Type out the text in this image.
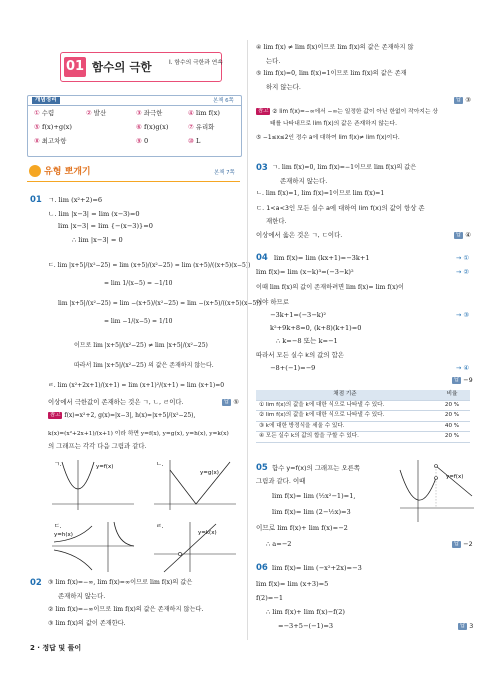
01 함수의 극한	Ⅰ. 함수의 극한과 연속
개념정리	본책 6쪽
① 수렴	② 발산	③ 좌극한	④ lim f(x)
⑤ f(x)+g(x)	⑥ f(x)g(x)	⑦ 유리화
⑧ 최고차항	⑨ 0	⑩ L
유형 뽀개기	본책 7쪽
01 ㄱ. lim (x²+2)=6
ㄴ. lim |x−3| = lim (x−3)=0
lim |x−3| = lim {−(x−3)}=0
∴ lim |x−3| = 0
ㄷ. lim |x+5|/(x²−25) = lim (x+5)/(x²−25) = lim (x+5)/((x+5)(x−5))
= lim 1/(x−5) = −1/10
lim |x+5|/(x²−25) = lim −(x+5)/(x²−25) = lim −(x+5)/((x+5)(x−5))
= lim −1/(x−5) = 1/10
이므로 lim |x+5|/(x²−25) ≠ lim |x+5|/(x²−25)
따라서 lim |x+5|/(x²−25) 의 값은 존재하지 않는다.
ㄹ. lim (x²+2x+1)/(x+1) = lim (x+1)²/(x+1) = lim (x+1)=0
이상에서 극한값이 존재하는 것은 ㄱ, ㄴ, ㄹ이다.	답 ⑤
참고 f(x)=x²+2, g(x)=|x−3|, h(x)=|x+5|/(x²−25),
k(x)=(x²+2x+1)/(x+1) 이라 하면 y=f(x), y=g(x), y=h(x), y=k(x)
의 그래프는 각각 다음 그림과 같다.
ㄱ.	y=f(x)	ㄴ.
y=g(x)
ㄷ.
y=h(x)
ㄹ.
y=k(x)
02 ③ lim f(x)=−∞, lim f(x)=∞이므로 lim f(x)의 값은
존재하지 않는다.
② lim f(x)=−∞이므로 lim f(x)의 값은 존재하지 않는다.
③ lim f(x)의 값이 존재한다.
2 · 정답 및 풀이
④ lim f(x) ≠ lim f(x)이므로 lim f(x)의 값은 존재하지 않
는다.
⑤ lim f(x)=0, lim f(x)=1이므로 lim f(x)의 값은 존재
하지 않는다.
답 ③
참고 ② lim f(x)=−∞에서 −∞는 일정한 값이 아닌 한없이 작아지는 상
태를 나타내므로 lim f(x)의 값은 존재하지 않는다.
⑤ −1≤x≤2인 정수 a에 대하여 lim f(x)≠ lim f(x)이다.
03 ㄱ. lim f(x)=0, lim f(x)=−1이므로 lim f(x)의 값은
존재하지 않는다.
ㄴ. lim f(x)=1, lim f(x)=1이므로 lim f(x)=1
ㄷ. 1<a<3인 모든 실수 a에 대하여 lim f(x)의 값이 항상 존
재한다.
이상에서 옳은 것은 ㄱ, ㄷ이다.	답 ④
04 lim f(x)= lim (kx+1)=−3k+1	→ ①
lim f(x)= lim (x−k)³=(−3−k)²	→ ②
이때 lim f(x)의 값이 존재하려면 lim f(x)= lim f(x)이
어야 하므로
−3k+1=(−3−k)²	→ ③
k²+9k+8=0, (k+8)(k+1)=0
∴ k=−8 또는 k=−1
따라서 모든 실수 k의 값의 합은
−8+(−1)=−9	→ ④
답 −9
채점 기준	비율
① lim f(x)의 값을 k에 대한 식으로 나타낼 수 있다.	20 %
② lim f(x)의 값을 k에 대한 식으로 나타낼 수 있다.	20 %
③ k에 대한 방정식을 세울 수 있다.	40 %
④ 모든 실수 k의 값의 합을 구할 수 있다.	20 %
05 함수 y=f(x)의 그래프는 오른쪽
그림과 같다. 이때
lim f(x)= lim (½x²−1)=1,
lim f(x)= lim (2−½x)=3
이므로 lim f(x)+ lim f(x)=−2
∴ a=−2	답 −2
y=f(x)
06 lim f(x)= lim (−x²+2x)=−3
lim f(x)= lim (x+3)=5
f(2)=−1
∴ lim f(x)+ lim f(x)−f(2)
=−3+5−(−1)=3	답 3
